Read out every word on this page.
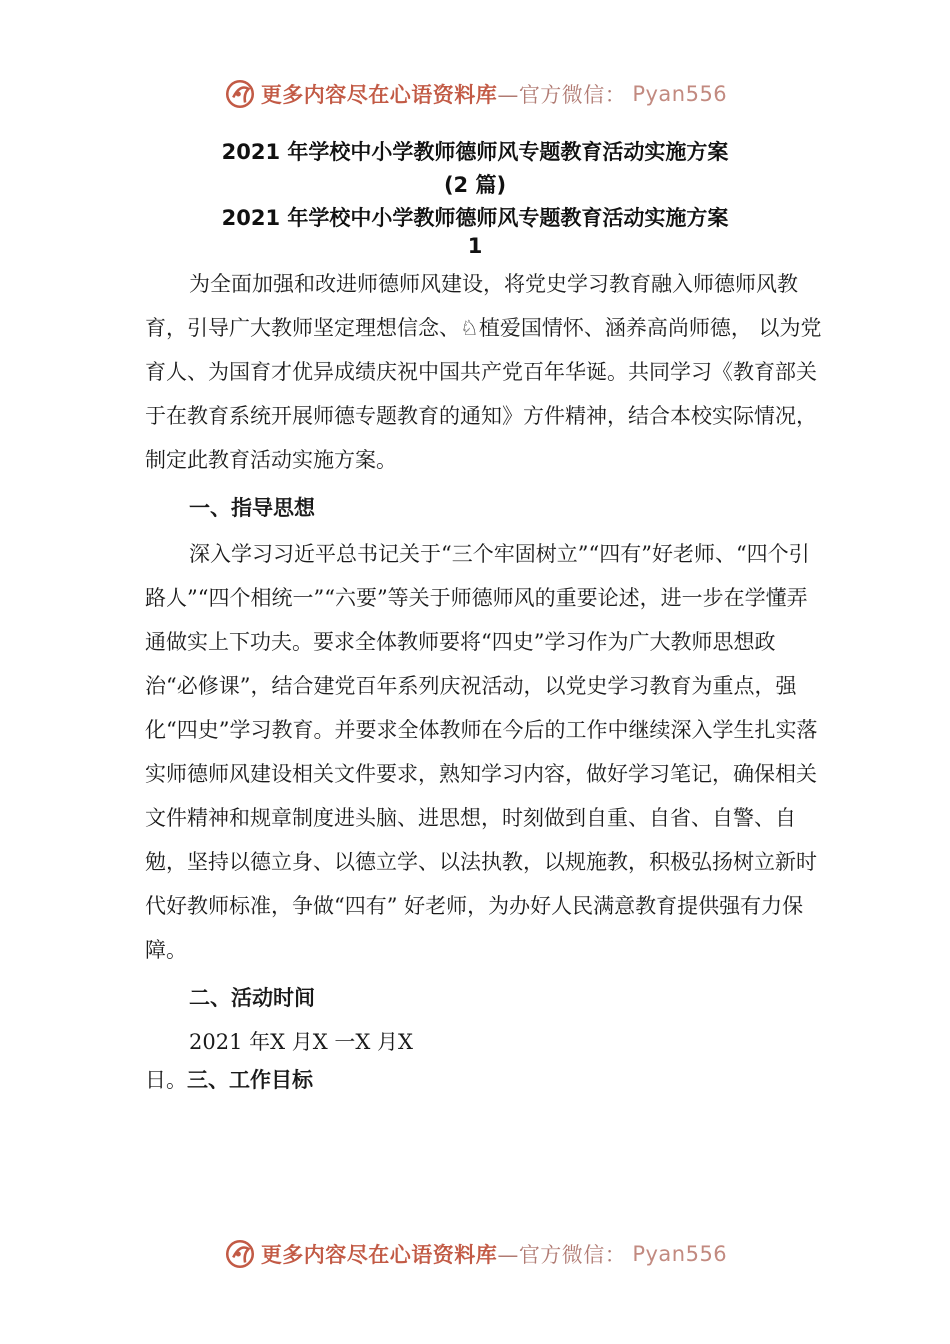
更多内容尽在心语资料库 —官方微信： Pyan556
2021 年学校中小学教师德师风专题教育活动实施方案
(2 篇)
2021 年学校中小学教师德师风专题教育活动实施方案
1

为全面加强和改进师德师风建设，将党史学习教育融入师德师风教育，引导广大教师坚定理想信念、♘植爱国情怀、涵养高尚师德， 以为党育人、为国育才优异成绩庆祝中国共产党百年华诞。共同学习《教育部关于在教育系统开展师德专题教育的通知》方件精神，结合本校实际情况，制定此教育活动实施方案。

一、指导思想

深入学习习近平总书记关于“三个牢固树立”“四有”好老师、“四个引路人”“四个相统一”“六要”等关于师德师风的重要论述，进一步在学懂弄通做实上下功夫。要求全体教师要将“四史”学习作为广大教师思想政治“必修课”，结合建党百年系列庆祝活动，以党史学习教育为重点，强化“四史”学习教育。并要求全体教师在今后的工作中继续深入学生扎实落实师德师风建设相关文件要求，熟知学习内容，做好学习笔记，确保相关文件精神和规章制度进头脑、进思想，时刻做到自重、自省、自警、自勉，坚持以德立身、以德立学、以法执教，以规施教，积极弘扬树立新时代好教师标准，争做“四有” 好老师，为办好人民满意教育提供强有力保障。

二、活动时间

2021 年X 月X 一X 月X
日。三、工作目标
更多内容尽在心语资料库 —官方微信： Pyan556
